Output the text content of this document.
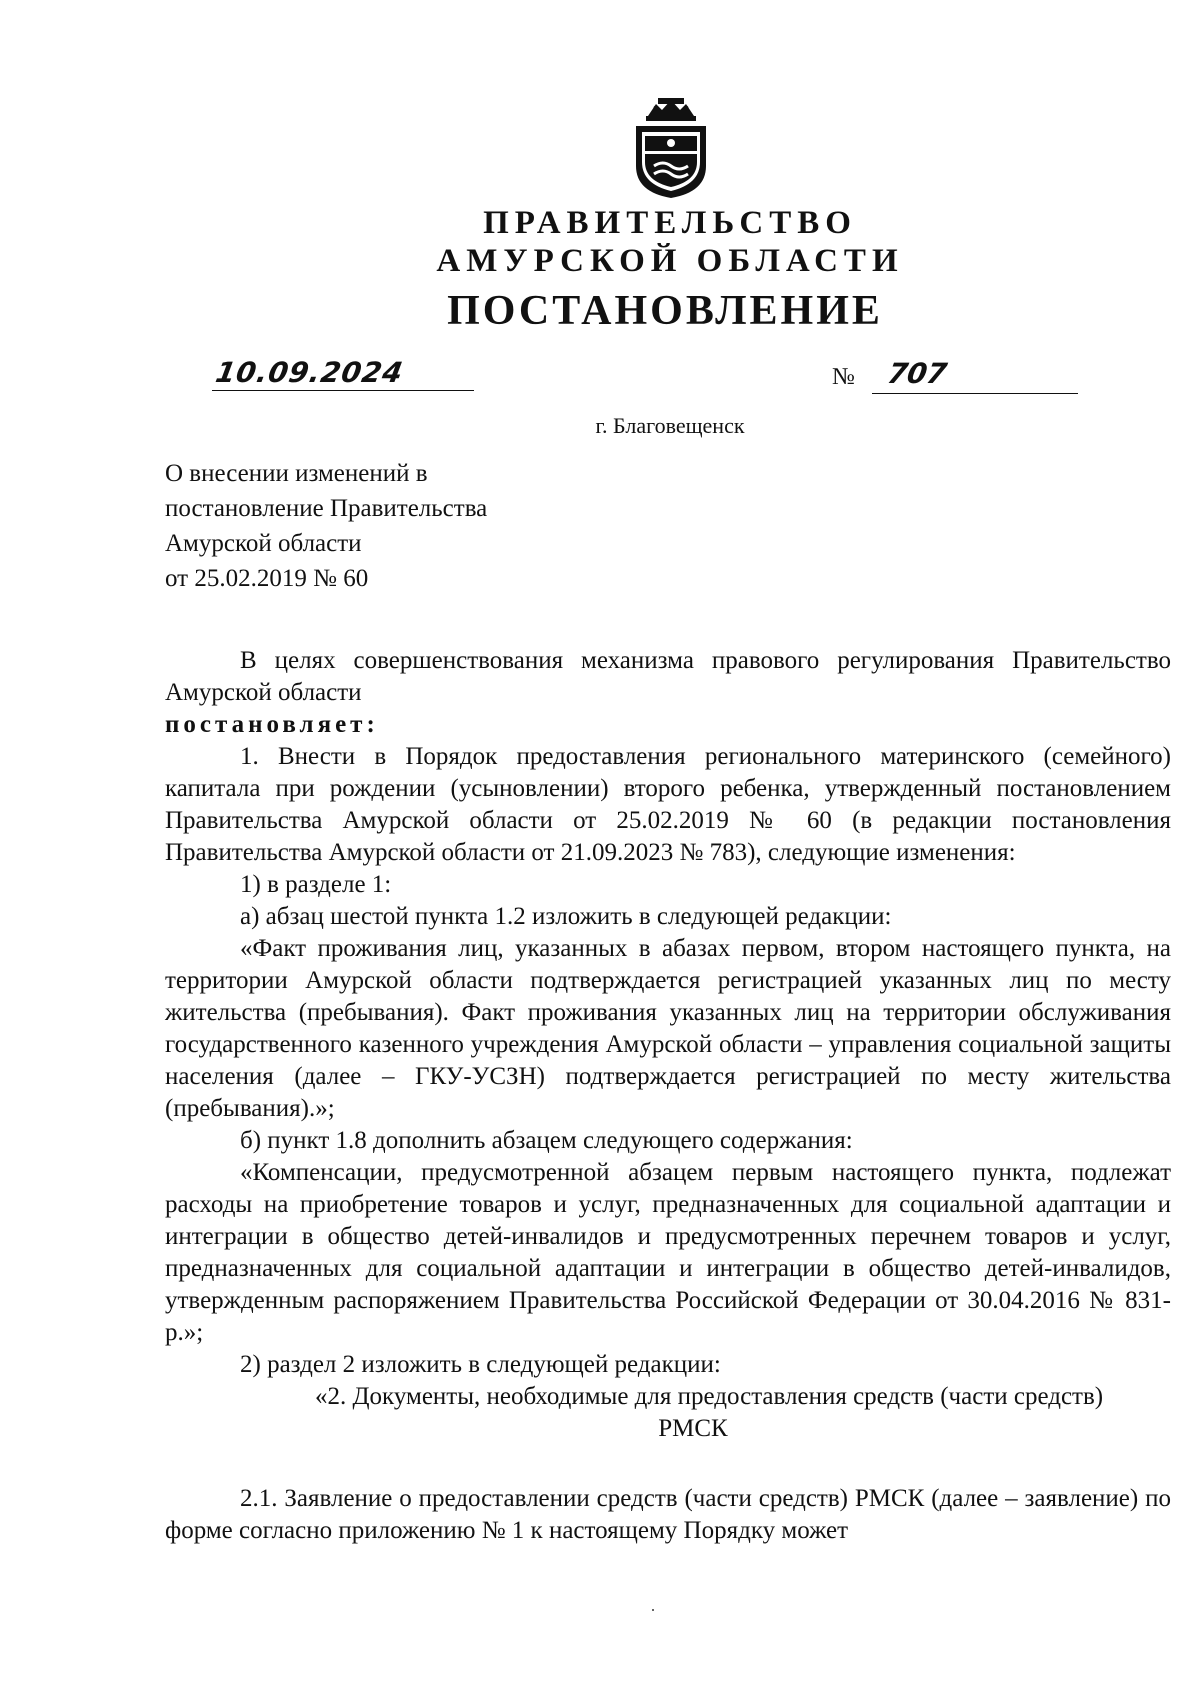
ПРАВИТЕЛЬСТВО

АМУРСКОЙ ОБЛАСТИ

ПОСТАНОВЛЕНИЕ

10.09.2024	№ 707

г. Благовещенск

О внесении изменений в
постановление Правительства
Амурской области
от 25.02.2019 № 60

В целях совершенствования механизма правового регулирования Правительство Амурской области

постановляет:

1. Внести в Порядок предоставления регионального материнского (семейного) капитала при рождении (усыновлении) второго ребенка, утвержденный постановлением Правительства Амурской области от 25.02.2019 № 60 (в редакции постановления Правительства Амурской области от 21.09.2023 № 783), следующие изменения:

1) в разделе 1:

а) абзац шестой пункта 1.2 изложить в следующей редакции:

«Факт проживания лиц, указанных в абазах первом, втором настоящего пункта, на территории Амурской области подтверждается регистрацией указанных лиц по месту жительства (пребывания). Факт проживания указанных лиц на территории обслуживания государственного казенного учреждения Амурской области – управления социальной защиты населения (далее – ГКУ-УСЗН) подтверждается регистрацией по месту жительства (пребывания).»;

б) пункт 1.8 дополнить абзацем следующего содержания:

«Компенсации, предусмотренной абзацем первым настоящего пункта, подлежат расходы на приобретение товаров и услуг, предназначенных для социальной адаптации и интеграции в общество детей-инвалидов и предусмотренных перечнем товаров и услуг, предназначенных для социальной адаптации и интеграции в общество детей-инвалидов, утвержденным распоряжением Правительства Российской Федерации от 30.04.2016 № 831-р.»;

2) раздел 2 изложить в следующей редакции:

«2. Документы, необходимые для предоставления средств (части средств)

РМСК

2.1. Заявление о предоставлении средств (части средств) РМСК (далее – заявление) по форме согласно приложению № 1 к настоящему Порядку может
